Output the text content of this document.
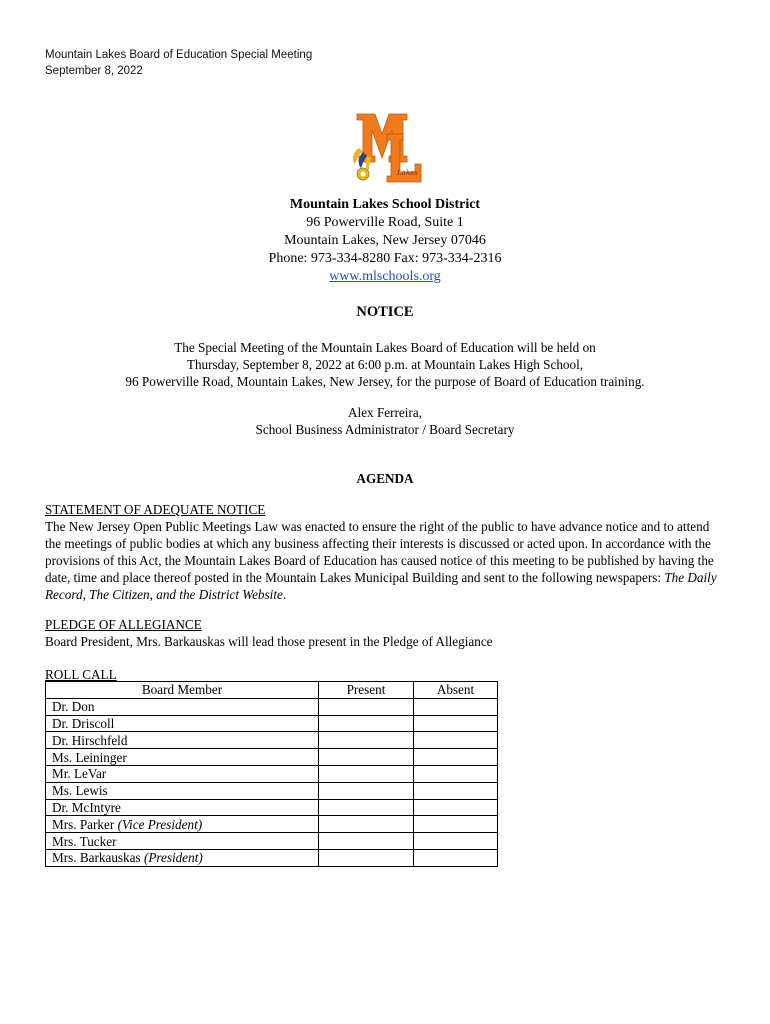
Mountain Lakes Board of Education Special Meeting
September 8, 2022
Lakes
Mountain Lakes School District
96 Powerville Road, Suite 1
Mountain Lakes, New Jersey 07046
Phone: 973-334-8280 Fax: 973-334-2316
www.mlschools.org
NOTICE
The Special Meeting of the Mountain Lakes Board of Education will be held on
Thursday, September 8, 2022 at 6:00 p.m. at Mountain Lakes High School,
96 Powerville Road, Mountain Lakes, New Jersey, for the purpose of Board of Education training.
Alex Ferreira,
School Business Administrator / Board Secretary
AGENDA
STATEMENT OF ADEQUATE NOTICE
The New Jersey Open Public Meetings Law was enacted to ensure the right of the public to have advance notice and to attend the meetings of public bodies at which any business affecting their interests is discussed or acted upon. In accordance with the provisions of this Act, the Mountain Lakes Board of Education has caused notice of this meeting to be published by having the date, time and place thereof posted in the Mountain Lakes Municipal Building and sent to the following newspapers: The Daily Record, The Citizen, and the District Website.
PLEDGE OF ALLEGIANCE
Board President, Mrs. Barkauskas will lead those present in the Pledge of Allegiance
ROLL CALL
Board Member	Present	Absent
Dr. Don		
Dr. Driscoll		
Dr. Hirschfeld		
Ms. Leininger		
Mr. LeVar		
Ms. Lewis		
Dr. McIntyre		
Mrs. Parker (Vice President)		
Mrs. Tucker		
Mrs. Barkauskas (President)		
